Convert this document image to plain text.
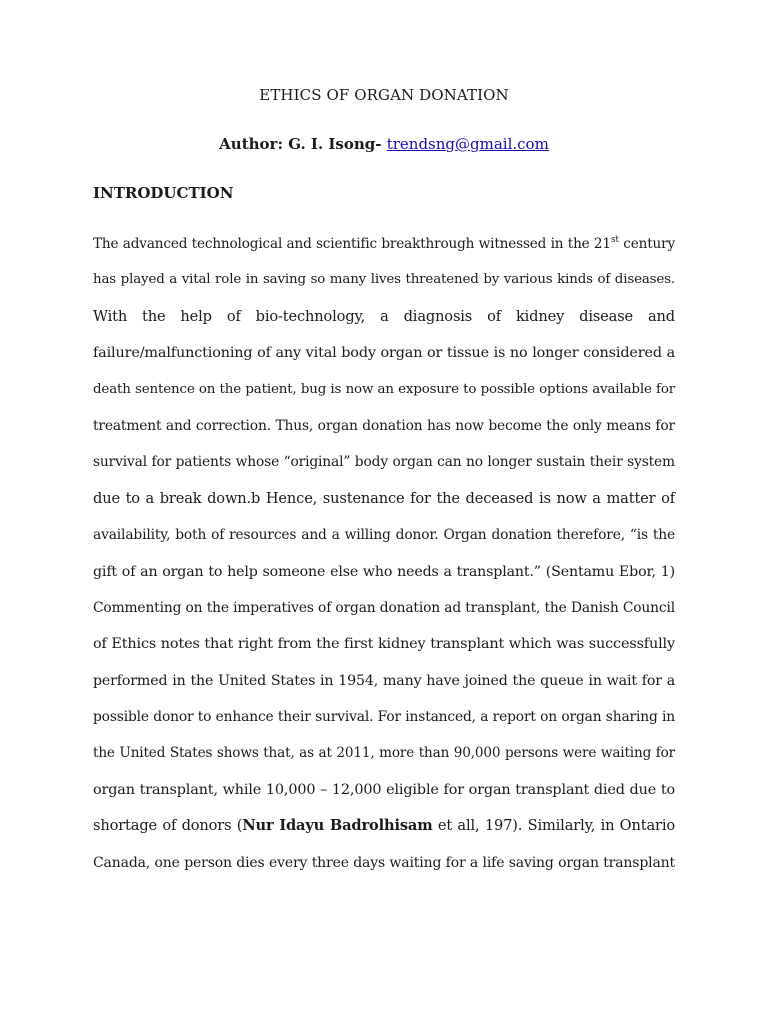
ETHICS OF ORGAN DONATION
Author: G. I. Isong- trendsng@gmail.com
INTRODUCTION
The advanced technological and scientific breakthrough witnessed in the 21st century
has played a vital role in saving so many lives threatened by various kinds of diseases.
With the help of bio-technology, a diagnosis of kidney disease and
failure/malfunctioning of any vital body organ or tissue is no longer considered a
death sentence on the patient, bug is now an exposure to possible options available for
treatment and correction. Thus, organ donation has now become the only means for
survival for patients whose “original” body organ can no longer sustain their system
due to a break down.b Hence, sustenance for the deceased is now a matter of
availability, both of resources and a willing donor. Organ donation therefore, “is the
gift of an organ to help someone else who needs a transplant.” (Sentamu Ebor, 1)
Commenting on the imperatives of organ donation ad transplant, the Danish Council
of Ethics notes that right from the first kidney transplant which was successfully
performed in the United States in 1954, many have joined the queue in wait for a
possible donor to enhance their survival. For instanced, a report on organ sharing in
the United States shows that, as at 2011, more than 90,000 persons were waiting for
organ transplant, while 10,000 – 12,000 eligible for organ transplant died due to
shortage of donors (Nur Idayu Badrolhisam et all, 197). Similarly, in Ontario
Canada, one person dies every three days waiting for a life saving organ transplant
